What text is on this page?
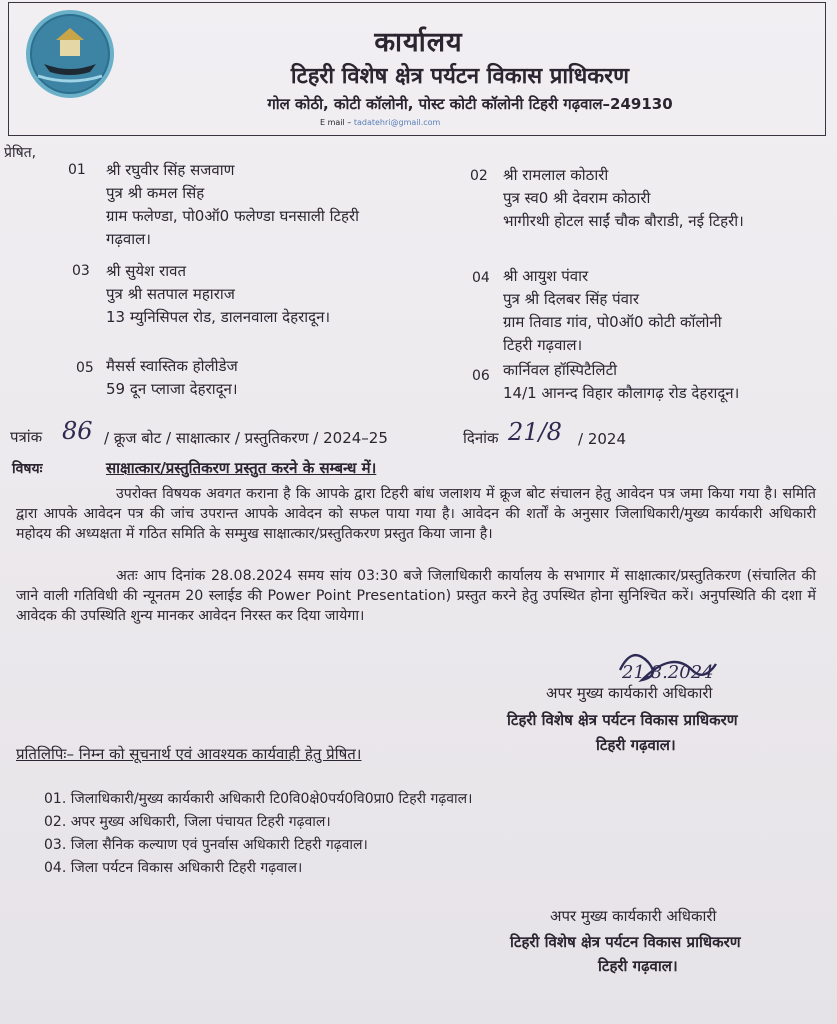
कार्यालय
टिहरी विशेष क्षेत्र पर्यटन विकास प्राधिकरण
गोल कोठी, कोटी कॉलोनी, पोस्ट कोटी कॉलोनी टिहरी गढ़वाल–249130
E mail – tadatehri@gmail.com
प्रेषित,
01 श्री रघुवीर सिंह सजवाण
पुत्र श्री कमल सिंह
ग्राम फलेण्डा, पो0ऑ0 फलेण्डा घनसाली टिहरी
गढ़वाल।
02 श्री रामलाल कोठारी
पुत्र स्व0 श्री देवराम कोठारी
भागीरथी होटल साईं चौक बौराडी, नई टिहरी।
03 श्री सुयेश रावत
पुत्र श्री सतपाल महाराज
13 म्युनिसिपल रोड, डालनवाला देहरादून।
04 श्री आयुश पंवार
पुत्र श्री दिलबर सिंह पंवार
ग्राम तिवाड गांव, पो0ऑ0 कोटी कॉलोनी
टिहरी गढ़वाल।
05 मैसर्स स्वास्तिक होलीडेज
59 दून प्लाजा देहरादून।
06 कार्निवल हॉस्पिटैलिटी
14/1 आनन्द विहार कौलागढ़ रोड देहरादून।
पत्रांक 86 / क्रूज बोट / साक्षात्कार / प्रस्तुतिकरण / 2024–25	दिनांक 21/8 / 2024
विषयः	साक्षात्कार/प्रस्तुतिकरण प्रस्तुत करने के सम्बन्ध में।
उपरोक्त विषयक अवगत कराना है कि आपके द्वारा टिहरी बांध जलाशय में क्रूज बोट संचालन हेतु आवेदन पत्र जमा किया गया है। समिति द्वारा आपके आवेदन पत्र की जांच उपरान्त आपके आवेदन को सफल पाया गया है। आवेदन की शर्तों के अनुसार जिलाधिकारी/मुख्य कार्यकारी अधिकारी महोदय की अध्यक्षता में गठित समिति के सम्मुख साक्षात्कार/प्रस्तुतिकरण प्रस्तुत किया जाना है।
अतः आप दिनांक 28.08.2024 समय सांय 03:30 बजे जिलाधिकारी कार्यालय के सभागार में साक्षात्कार/प्रस्तुतिकरण (संचालित की जाने वाली गतिविधी की न्यूनतम 20 स्लाईड की Power Point Presentation) प्रस्तुत करने हेतु उपस्थित होना सुनिश्चित करें। अनुपस्थिति की दशा में आवेदक की उपस्थिति शुन्य मानकर आवेदन निरस्त कर दिया जायेगा।
21.8.2024
अपर मुख्य कार्यकारी अधिकारी
टिहरी विशेष क्षेत्र पर्यटन विकास प्राधिकरण
टिहरी गढ़वाल।
प्रतिलिपिः– निम्न को सूचनार्थ एवं आवश्यक कार्यवाही हेतु प्रेषित।
01. जिलाधिकारी/मुख्य कार्यकारी अधिकारी टि0वि0क्षे0पर्य0वि0प्रा0 टिहरी गढ़वाल।
02. अपर मुख्य अधिकारी, जिला पंचायत टिहरी गढ़वाल।
03. जिला सैनिक कल्याण एवं पुनर्वास अधिकारी टिहरी गढ़वाल।
04. जिला पर्यटन विकास अधिकारी टिहरी गढ़वाल।
अपर मुख्य कार्यकारी अधिकारी
टिहरी विशेष क्षेत्र पर्यटन विकास प्राधिकरण
टिहरी गढ़वाल।
